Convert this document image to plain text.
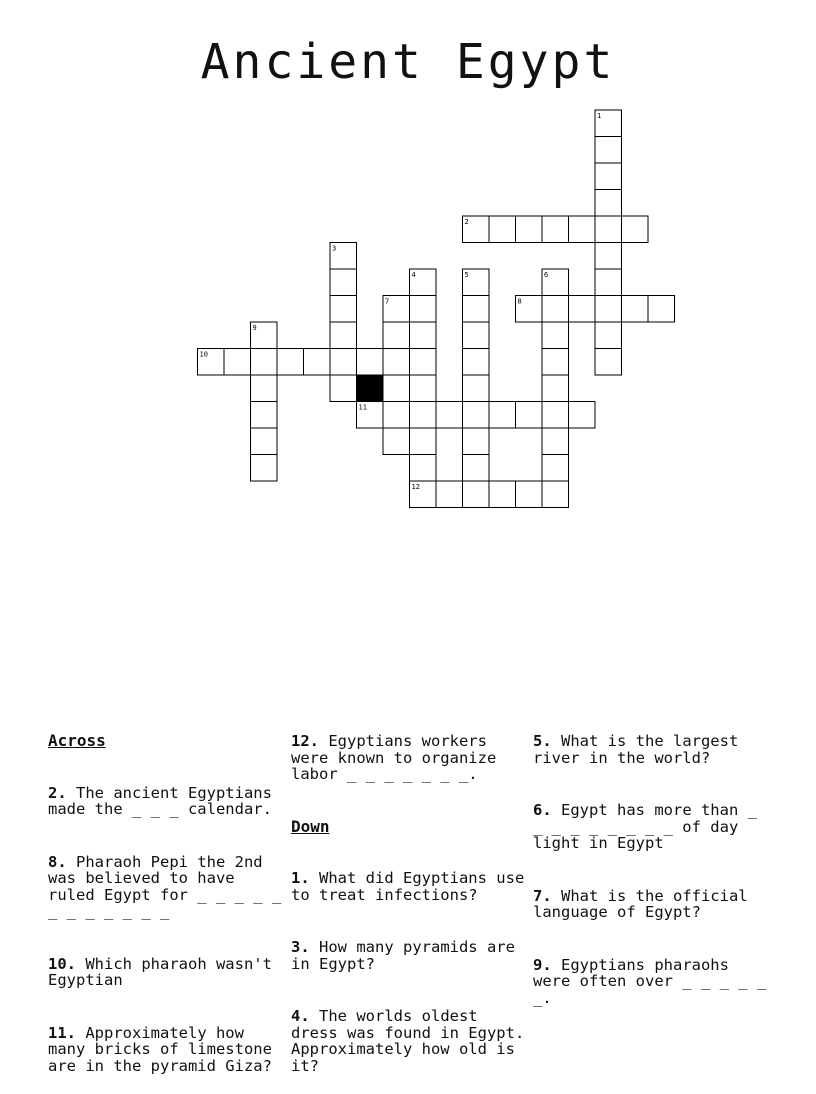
Ancient Egypt
1
2
3
4	5	6
7	8
9
10
11
12

Across

2. The ancient Egyptians made the _ _ _ calendar.

8. Pharaoh Pepi the 2nd was believed to have ruled Egypt for _ _ _ _ _ _ _ _ _ _ _ _

10. Which pharaoh wasn't Egyptian

11. Approximately how many bricks of limestone are in the pyramid Giza?

12. Egyptians workers were known to organize labor _ _ _ _ _ _ _.

Down

1. What did Egyptians use to treat infections?

3. How many pyramids are in Egypt?

4. The worlds oldest dress was found in Egypt. Approximately how old is it?

5. What is the largest river in the world?

6. Egypt has more than _ _ _ _ _ _ _ _ _ of day light in Egypt

7. What is the official language of Egypt?

9. Egyptians pharaohs were often over _ _ _ _ _ _.
